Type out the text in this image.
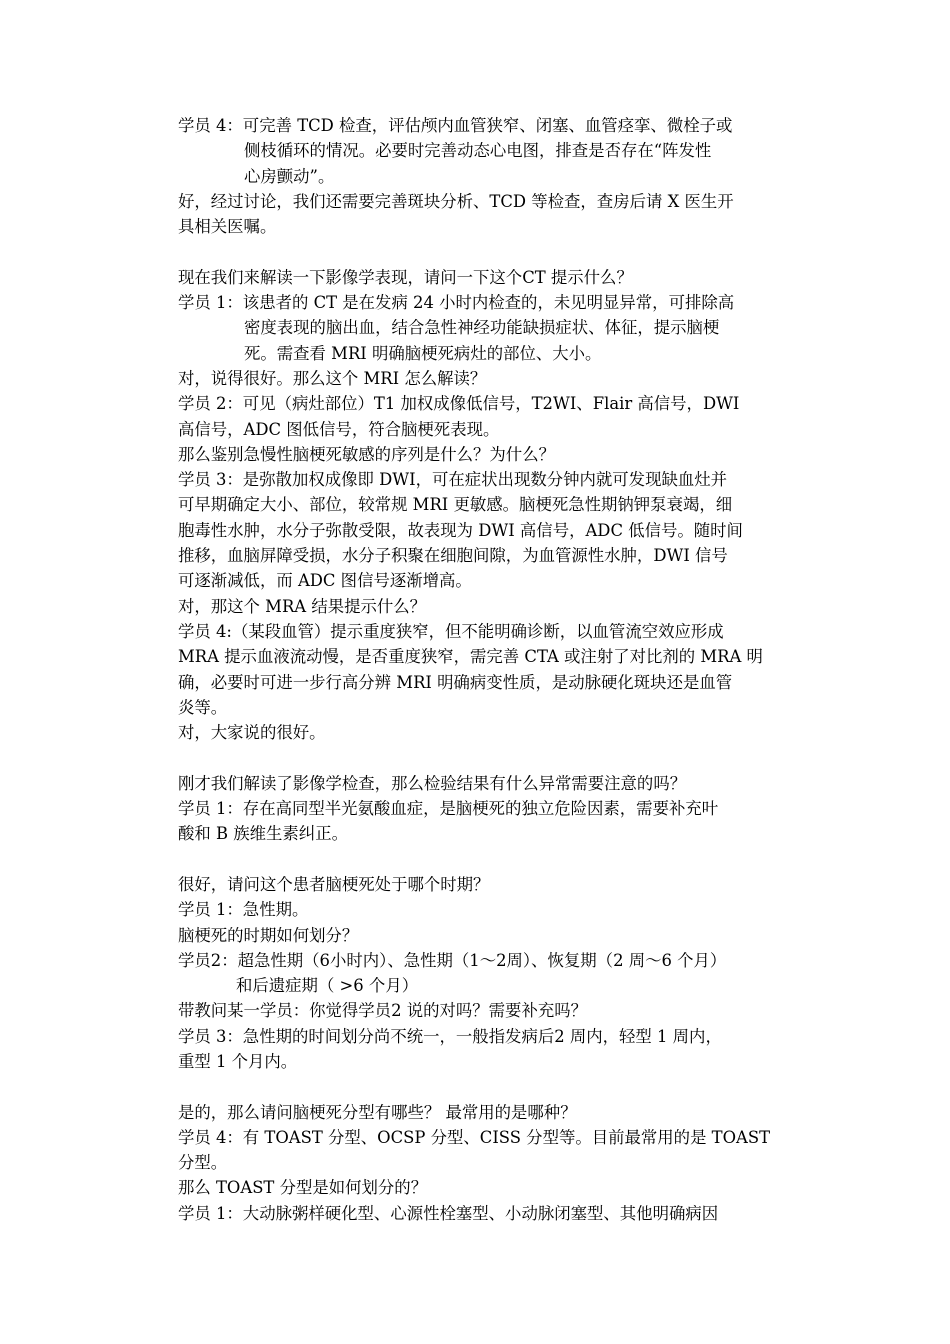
学员 4：可完善 TCD 检查，评估颅内血管狭窄、闭塞、血管痉挛、微栓子或
侧枝循环的情况。必要时完善动态心电图，排查是否存在“阵发性
心房颤动”。
好，经过讨论，我们还需要完善斑块分析、TCD 等检查，查房后请 X 医生开
具相关医嘱。
现在我们来解读一下影像学表现，请问一下这个CT 提示什么？
学员 1：该患者的 CT 是在发病 24 小时内检查的，未见明显异常，可排除高
密度表现的脑出血，结合急性神经功能缺损症状、体征，提示脑梗
死。需查看 MRI 明确脑梗死病灶的部位、大小。
对，说得很好。那么这个 MRI 怎么解读？
学员 2：可见（病灶部位）T1 加权成像低信号，T2WI、Flair 高信号，DWI
高信号，ADC 图低信号，符合脑梗死表现。
那么鉴别急慢性脑梗死敏感的序列是什么？为什么？
学员 3：是弥散加权成像即 DWI，可在症状出现数分钟内就可发现缺血灶并
可早期确定大小、部位，较常规 MRI 更敏感。脑梗死急性期钠钾泵衰竭，细
胞毒性水肿，水分子弥散受限，故表现为 DWI 高信号，ADC 低信号。随时间
推移，血脑屏障受损，水分子积聚在细胞间隙，为血管源性水肿，DWI 信号
可逐渐减低，而 ADC 图信号逐渐增高。
对，那这个 MRA 结果提示什么？
学员 4:（某段血管）提示重度狭窄，但不能明确诊断，以血管流空效应形成
MRA 提示血液流动慢，是否重度狭窄，需完善 CTA 或注射了对比剂的 MRA 明
确，必要时可进一步行高分辨 MRI 明确病变性质，是动脉硬化斑块还是血管
炎等。
对，大家说的很好。
刚才我们解读了影像学检查，那么检验结果有什么异常需要注意的吗？
学员 1：存在高同型半光氨酸血症，是脑梗死的独立危险因素，需要补充叶
酸和 B 族维生素纠正。
很好，请问这个患者脑梗死处于哪个时期？
学员 1：急性期。
脑梗死的时期如何划分？
学员2：超急性期（6小时内）、急性期（1～2周）、恢复期（2 周～6 个月）
和后遗症期（ >6 个月）
带教问某一学员：你觉得学员2 说的对吗？需要补充吗？
学员 3：急性期的时间划分尚不统一，一般指发病后2 周内，轻型 1 周内，
重型 1 个月内。
是的，那么请问脑梗死分型有哪些？ 最常用的是哪种？
学员 4：有 TOAST 分型、OCSP 分型、CISS 分型等。目前最常用的是 TOAST
分型。
那么 TOAST 分型是如何划分的？
学员 1：大动脉粥样硬化型、心源性栓塞型、小动脉闭塞型、其他明确病因
